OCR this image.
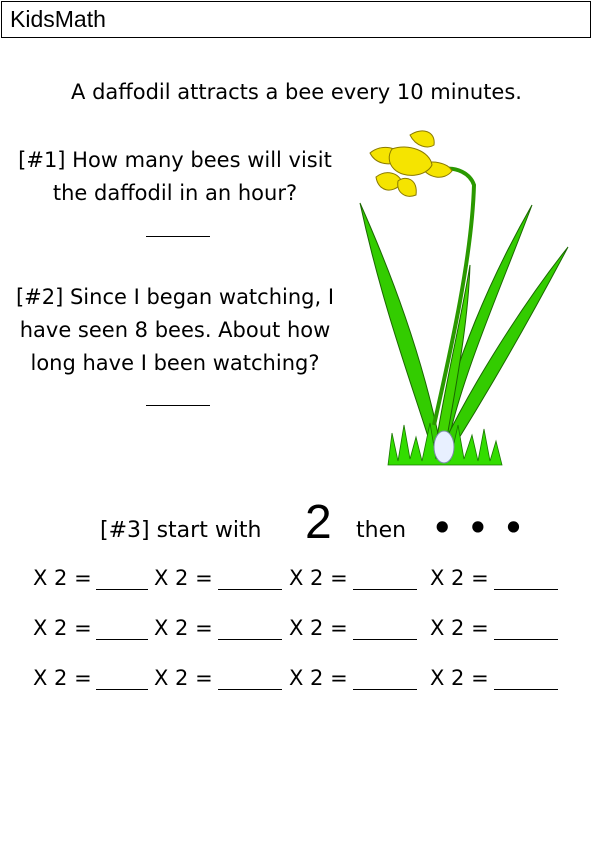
KidsMath
A daffodil attracts a bee every 10 minutes.
[#1] How many bees will visit
the daffodil in an hour?
[#2] Since I began watching, I
have seen 8 bees. About how
long have I been watching?
[#3] start with 2 then • • •
X 2 =	X 2 =	X 2 =	X 2 =
X 2 =	X 2 =	X 2 =	X 2 =
X 2 =	X 2 =	X 2 =	X 2 =
